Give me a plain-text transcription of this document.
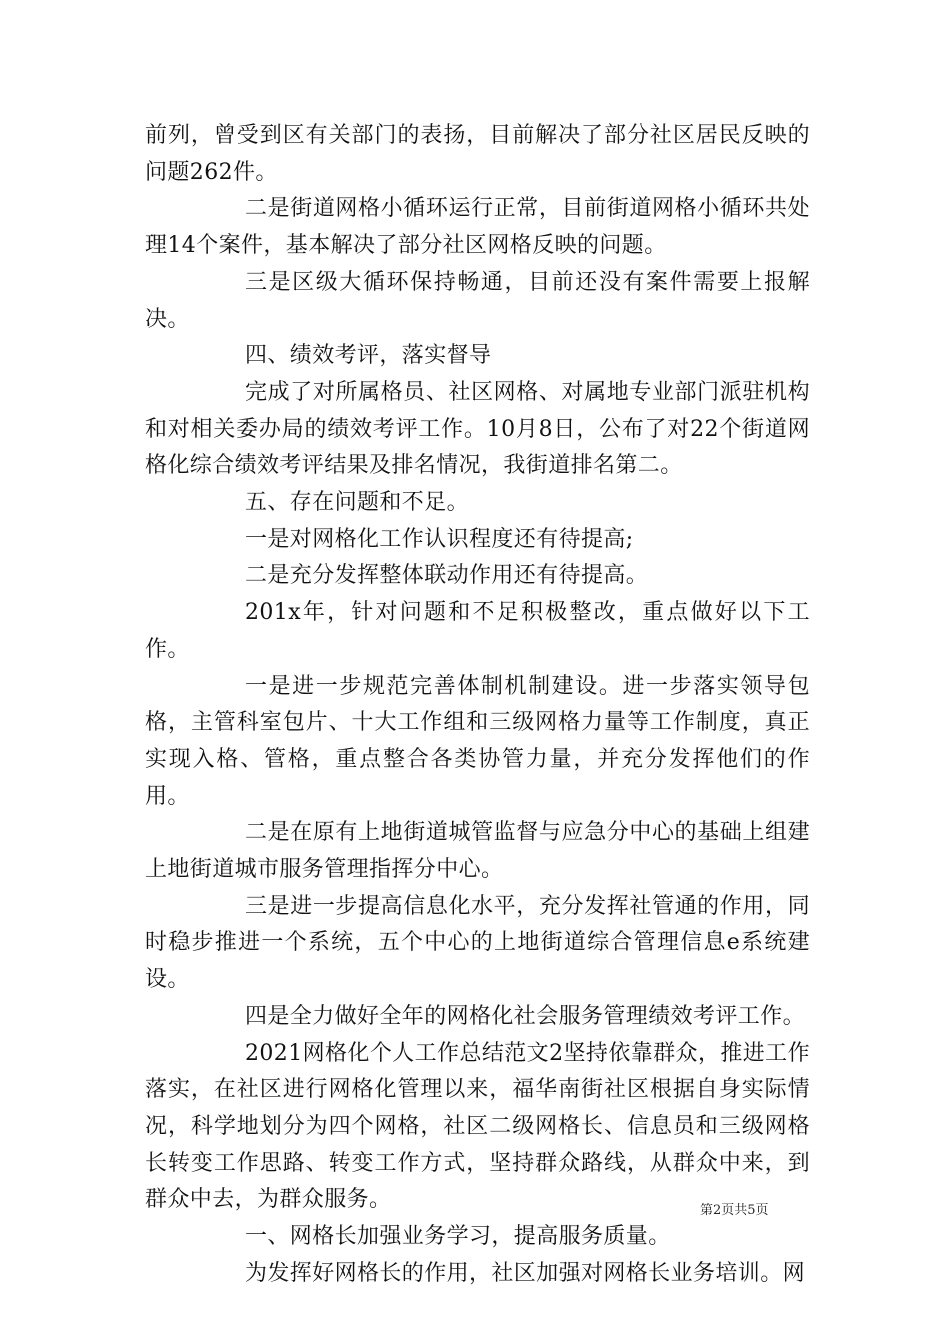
前列，曾受到区有关部门的表扬，目前解决了部分社区居民反映的问题262件。

二是街道网格小循环运行正常，目前街道网格小循环共处理14个案件，基本解决了部分社区网格反映的问题。

三是区级大循环保持畅通，目前还没有案件需要上报解决。

四、绩效考评，落实督导

完成了对所属格员、社区网格、对属地专业部门派驻机构和对相关委办局的绩效考评工作。10月8日，公布了对22个街道网格化综合绩效考评结果及排名情况，我街道排名第二。

五、存在问题和不足。

一是对网格化工作认识程度还有待提高;

二是充分发挥整体联动作用还有待提高。

201x年，针对问题和不足积极整改，重点做好以下工作。

一是进一步规范完善体制机制建设。进一步落实领导包格，主管科室包片、十大工作组和三级网格力量等工作制度，真正实现入格、管格，重点整合各类协管力量，并充分发挥他们的作用。

二是在原有上地街道城管监督与应急分中心的基础上组建上地街道城市服务管理指挥分中心。

三是进一步提高信息化水平，充分发挥社管通的作用，同时稳步推进一个系统，五个中心的上地街道综合管理信息e系统建设。

四是全力做好全年的网格化社会服务管理绩效考评工作。

2021网格化个人工作总结范文2坚持依靠群众，推进工作落实，在社区进行网格化管理以来，福华南街社区根据自身实际情况，科学地划分为四个网格，社区二级网格长、信息员和三级网格长转变工作思路、转变工作方式，坚持群众路线，从群众中来，到群众中去，为群众服务。

一、网格长加强业务学习，提高服务质量。

为发挥好网格长的作用，社区加强对网格长业务培训。网

第2页共5页
